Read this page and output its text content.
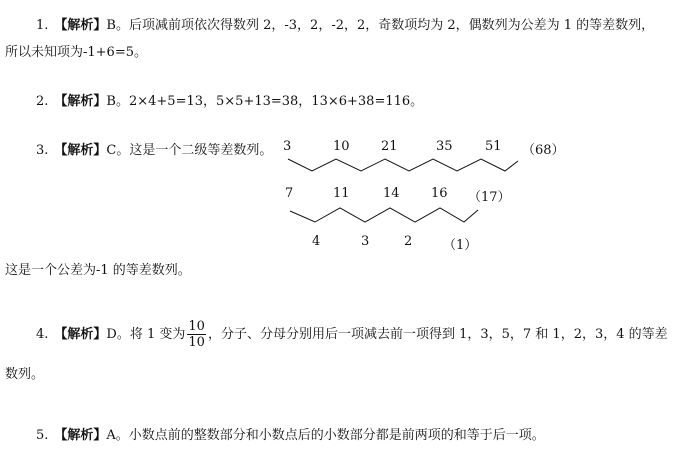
1. 【解析】B。后项减前项依次得数列 2，-3，2，-2，2，奇数项均为 2，偶数列为公差为 1 的等差数列，
所以未知项为-1+6=5。
2. 【解析】B。2×4+5=13，5×5+13=38，13×6+38=116。
3. 【解析】C。这是一个二级等差数列。 3	10 21	35 51 （68）
7	11	14 16 （17）
4	3	2 （1）
这是一个公差为-1 的等差数列。
4. 【解析】D。将 1 变为 $\frac{10}{10}$ ，分子、分母分别用后一项减去前一项得到 1，3，5，7 和 1，2，3，4 的等差
数列。
5. 【解析】A。小数点前的整数部分和小数点后的小数部分都是前两项的和等于后一项。
